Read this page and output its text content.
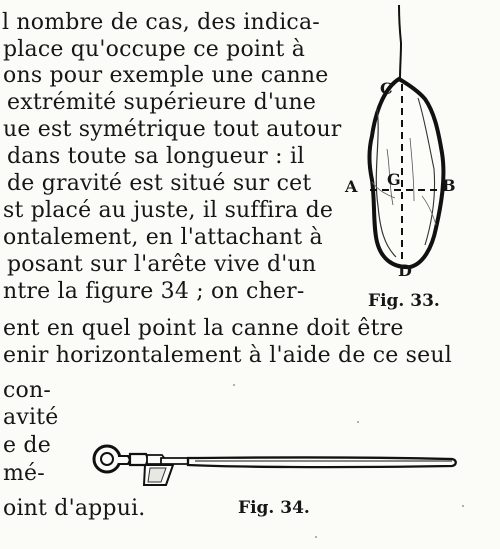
l nombre de cas, des indica-
place qu'occupe ce point à
ons pour exemple une canne
extrémité supérieure d'une
ue est symétrique tout autour
dans toute sa longueur : il
de gravité est situé sur cet
st placé au juste, il suffira de
ontalement, en l'attachant à
posant sur l'arête vive d'un
ntre la figure 34 ; on cher-
ent en quel point la canne doit être
enir horizontalement à l'aide de ce seul
con-
avité
e de
mé-
oint d'appui.
C
A G	B
D
Fig. 33.
Fig. 34.
